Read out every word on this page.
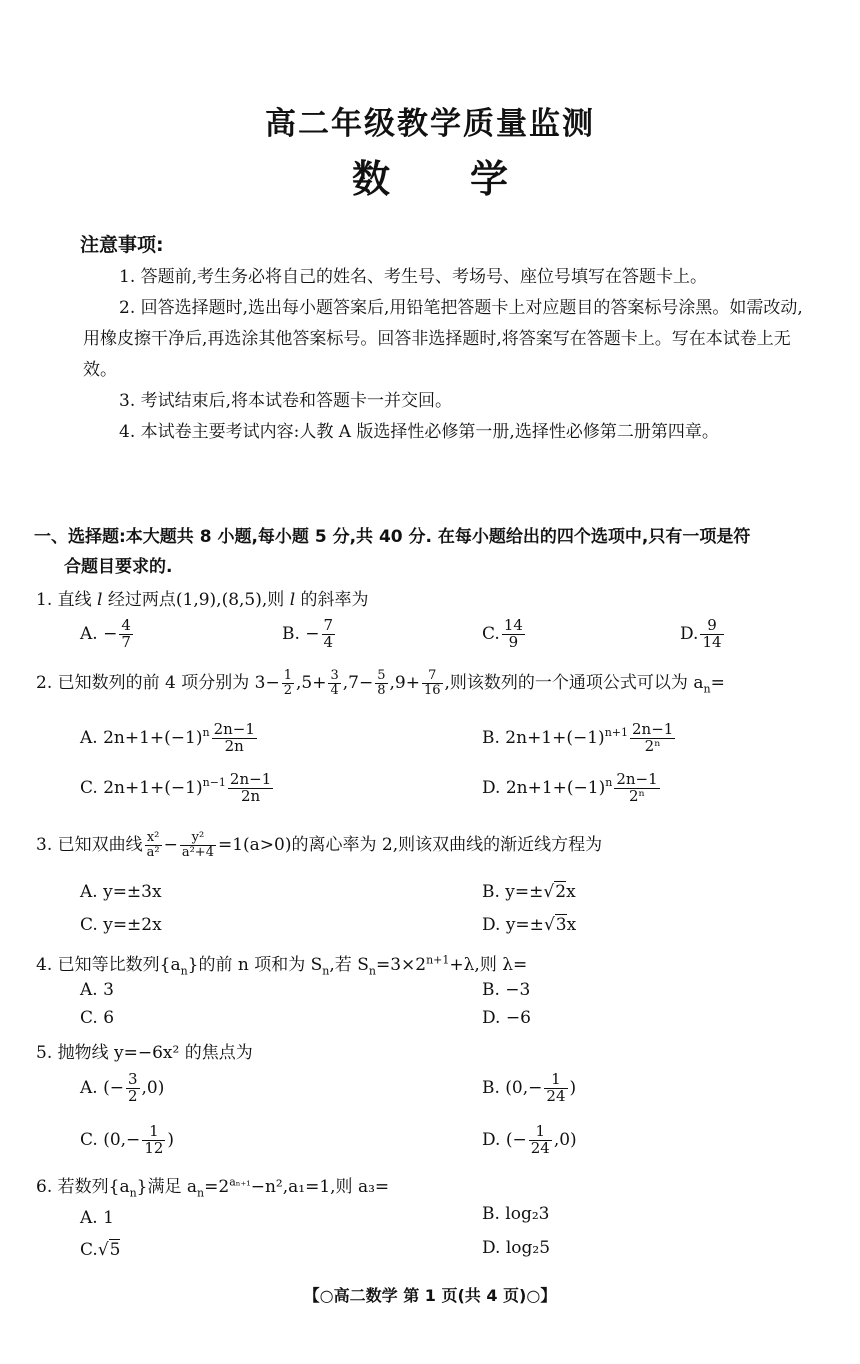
高二年级教学质量监测
数学
注意事项:

1. 答题前,考生务必将自己的姓名、考生号、考场号、座位号填写在答题卡上。

2. 回答选择题时,选出每小题答案后,用铅笔把答题卡上对应题目的答案标号涂黑。如需改动,用橡皮擦干净后,再选涂其他答案标号。回答非选择题时,将答案写在答题卡上。写在本试卷上无效。

3. 考试结束后,将本试卷和答题卡一并交回。

4. 本试卷主要考试内容:人教 A 版选择性必修第一册,选择性必修第二册第四章。

一、选择题:本大题共 8 小题,每小题 5 分,共 40 分. 在每小题给出的四个选项中,只有一项是符
合题目要求的.
1. 直线 l 经过两点(1,9),(8,5),则 l 的斜率为
A. − $\frac{4}{7}$	B. − $\frac{7}{4}$	C. $\frac{14}{9}$	D. $\frac{9}{14}$
2. 已知数列的前 4 项分别为 $3- \frac{1}{2} ,5+ \frac{3}{4} ,7- \frac{5}{8} ,9+ \frac{7}{16}$ ,则该数列的一个通项公式可以为 $a_n=$
A. $2n+1+(-1)^n \frac{2n-1}{2n}$	B. $2n+1+(-1)^{n+1} \frac{2n-1}{\text{2ⁿ}}$
C. $2n+1+(-1)^{n-1} \frac{2n-1}{2n}$	D. $2n+1+(-1)^n \frac{2n-1}{\text{2ⁿ}}$
3. 已知双曲线 $\frac{\text{x²}}{\text{a²}} - \frac{\text{y²}}{\text{a²+4}} =1(a>0)$的离心率为 2,则该双曲线的渐近线方程为
A. y=±3x	B. y=±√2x
C. y=±2x	D. y=±√3x
4. 已知等比数列$\{a_n\}$的前 n 项和为 $S_n$,若 $S_n=3\times 2^{n+1}+\lambda$,则 λ=
A. 3	B. −3
C. 6	D. −6
5. 抛物线 y=−6x² 的焦点为
A. (− $\frac{3}{2} ,0$)	B. ($0,- \frac{1}{24}$ )
C. ($0,- \frac{1}{12}$ )	D. (− $\frac{1}{24} ,0$)
6. 若数列$\{a_n\}$满足 $a_n=2^{a_{n+1}}-n^2,a_1=1$,则 a₃=
A. 1	B. log₂3
C.√5	D. log₂5
【○高二数学 第 1 页(共 4 页)○】
